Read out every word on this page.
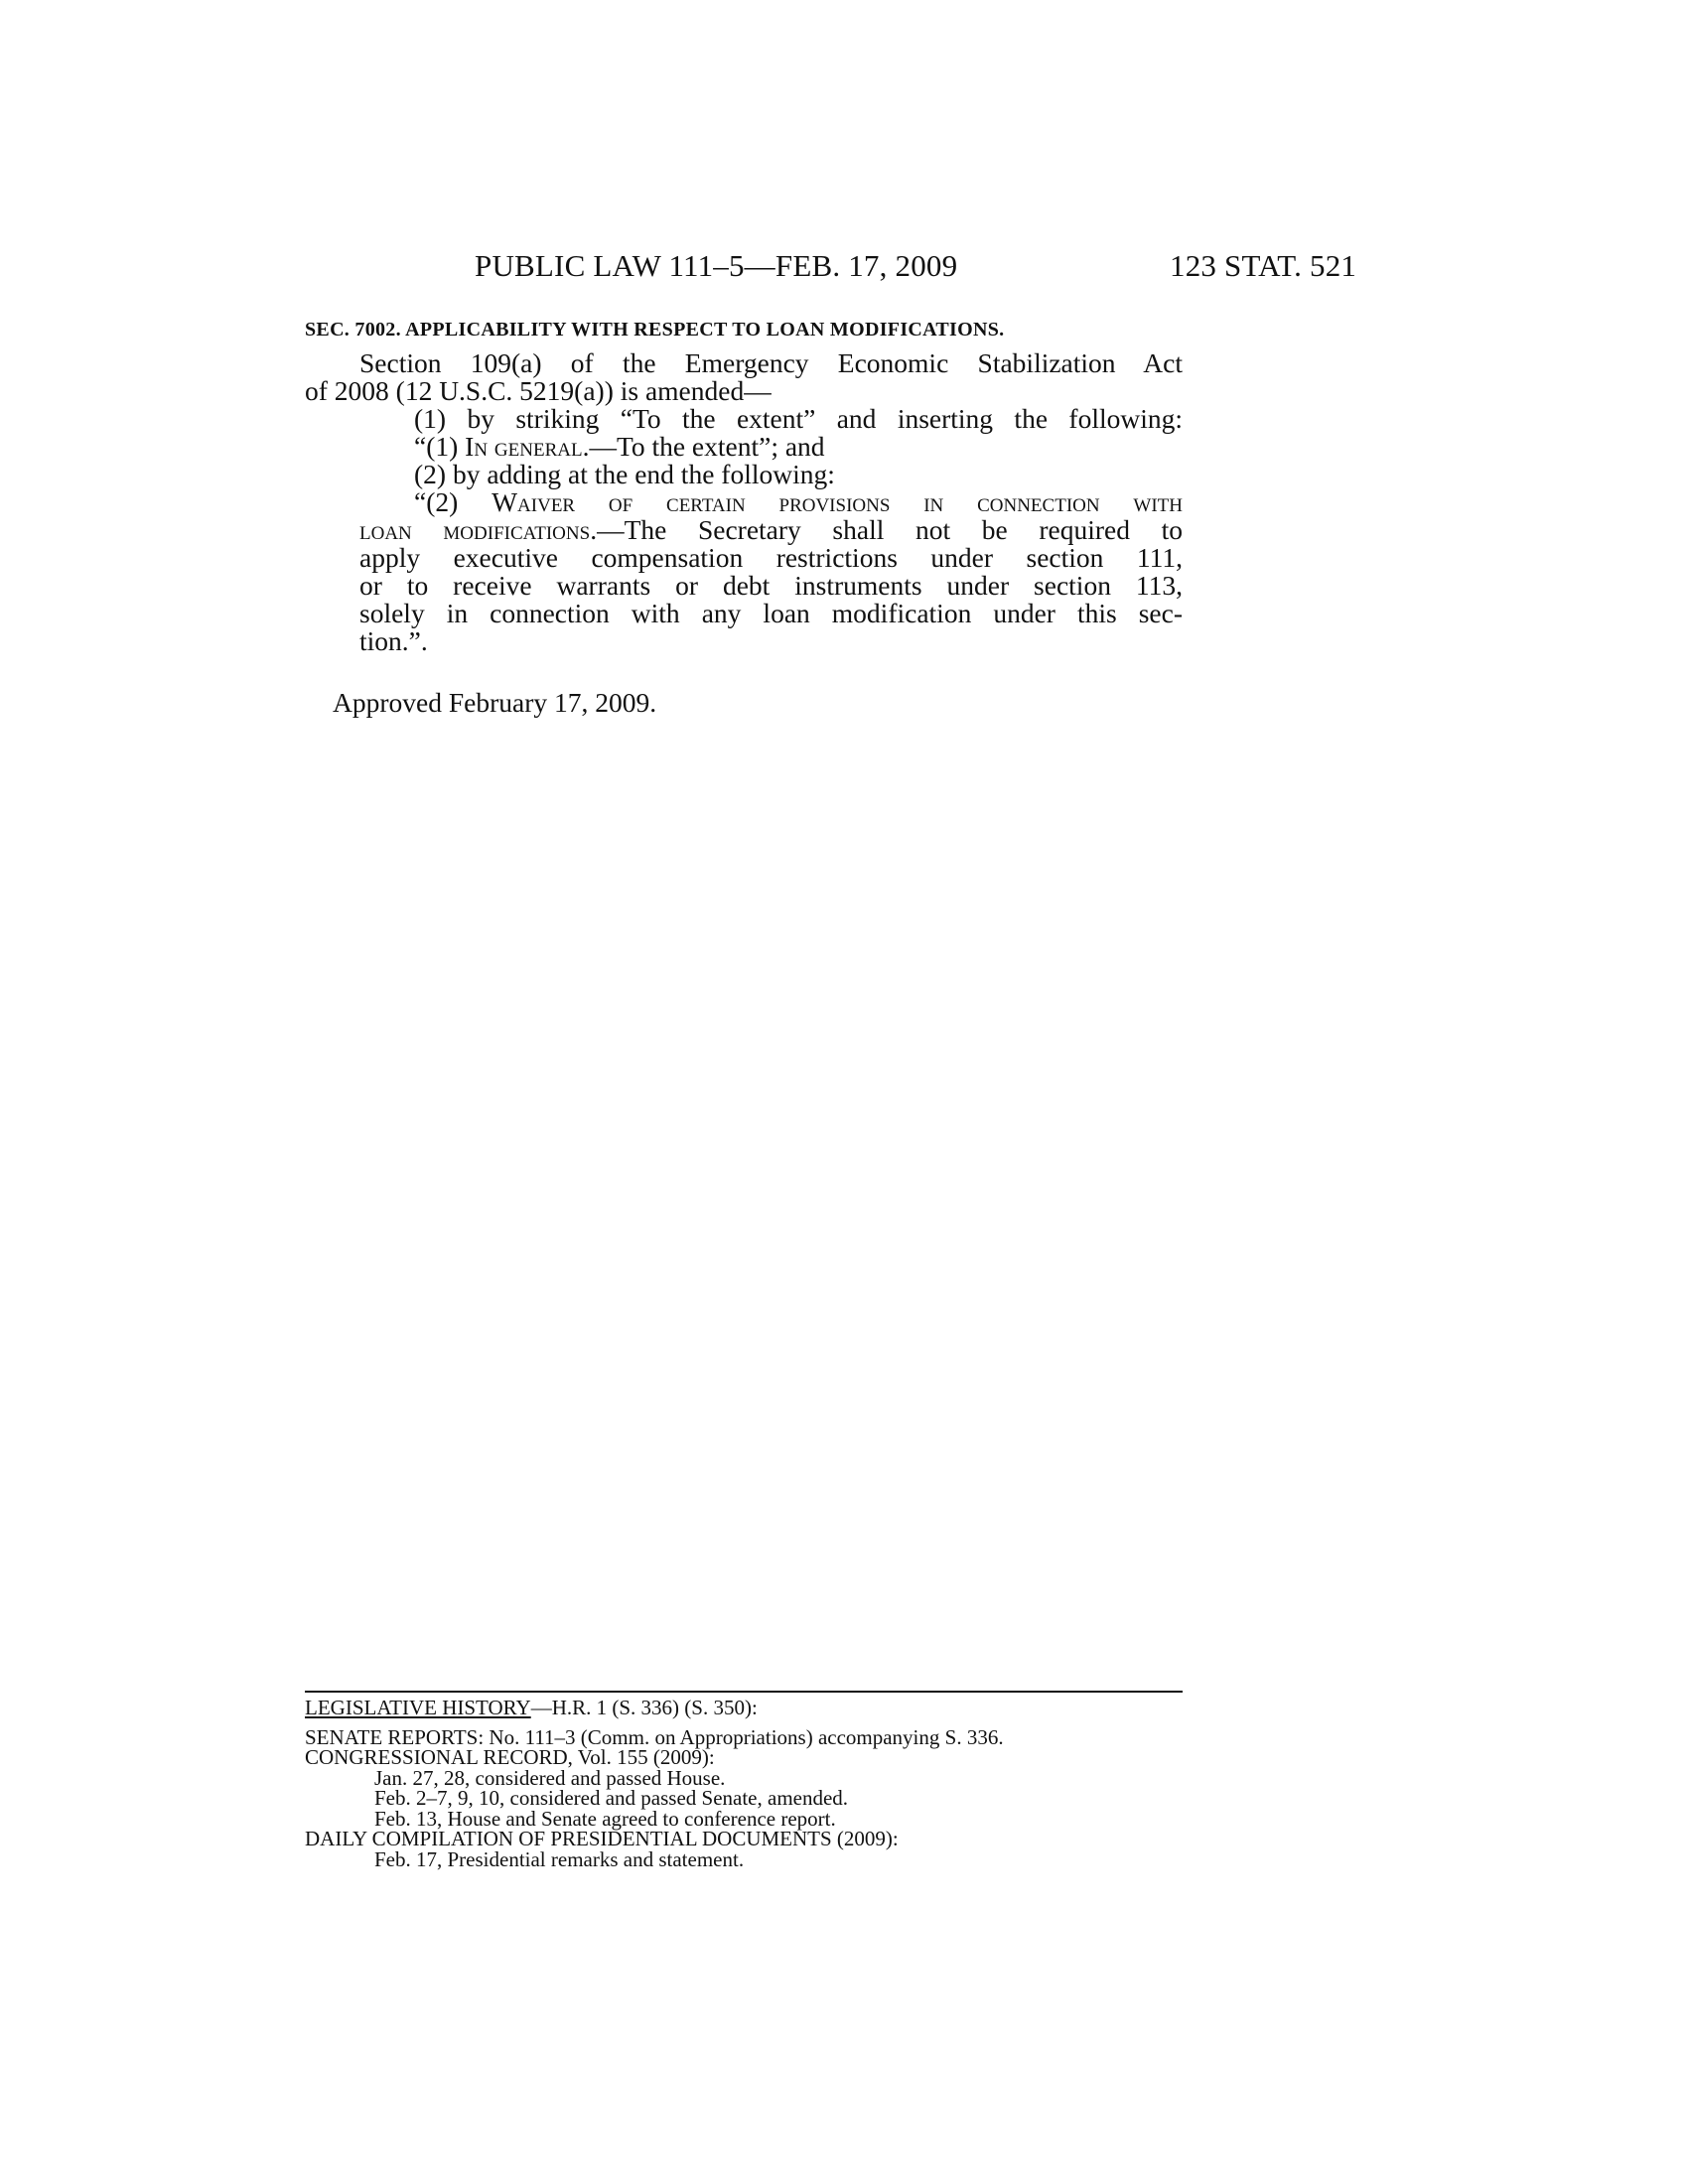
PUBLIC LAW 111–5—FEB. 17, 2009	123 STAT. 521
SEC. 7002. APPLICABILITY WITH RESPECT TO LOAN MODIFICATIONS.
Section 109(a) of the Emergency Economic Stabilization Act
of 2008 (12 U.S.C. 5219(a)) is amended—
(1) by striking “To the extent” and inserting the following:
“(1) In general.—To the extent”; and
(2) by adding at the end the following:
“(2) Waiver of certain provisions in connection with
loan modifications.—The Secretary shall not be required to
apply executive compensation restrictions under section 111,
or to receive warrants or debt instruments under section 113,
solely in connection with any loan modification under this sec-
tion.”.
Approved February 17, 2009.
LEGISLATIVE HISTORY—H.R. 1 (S. 336) (S. 350):
SENATE REPORTS: No. 111–3 (Comm. on Appropriations) accompanying S. 336.
CONGRESSIONAL RECORD, Vol. 155 (2009):
Jan. 27, 28, considered and passed House.
Feb. 2–7, 9, 10, considered and passed Senate, amended.
Feb. 13, House and Senate agreed to conference report.
DAILY COMPILATION OF PRESIDENTIAL DOCUMENTS (2009):
Feb. 17, Presidential remarks and statement.
